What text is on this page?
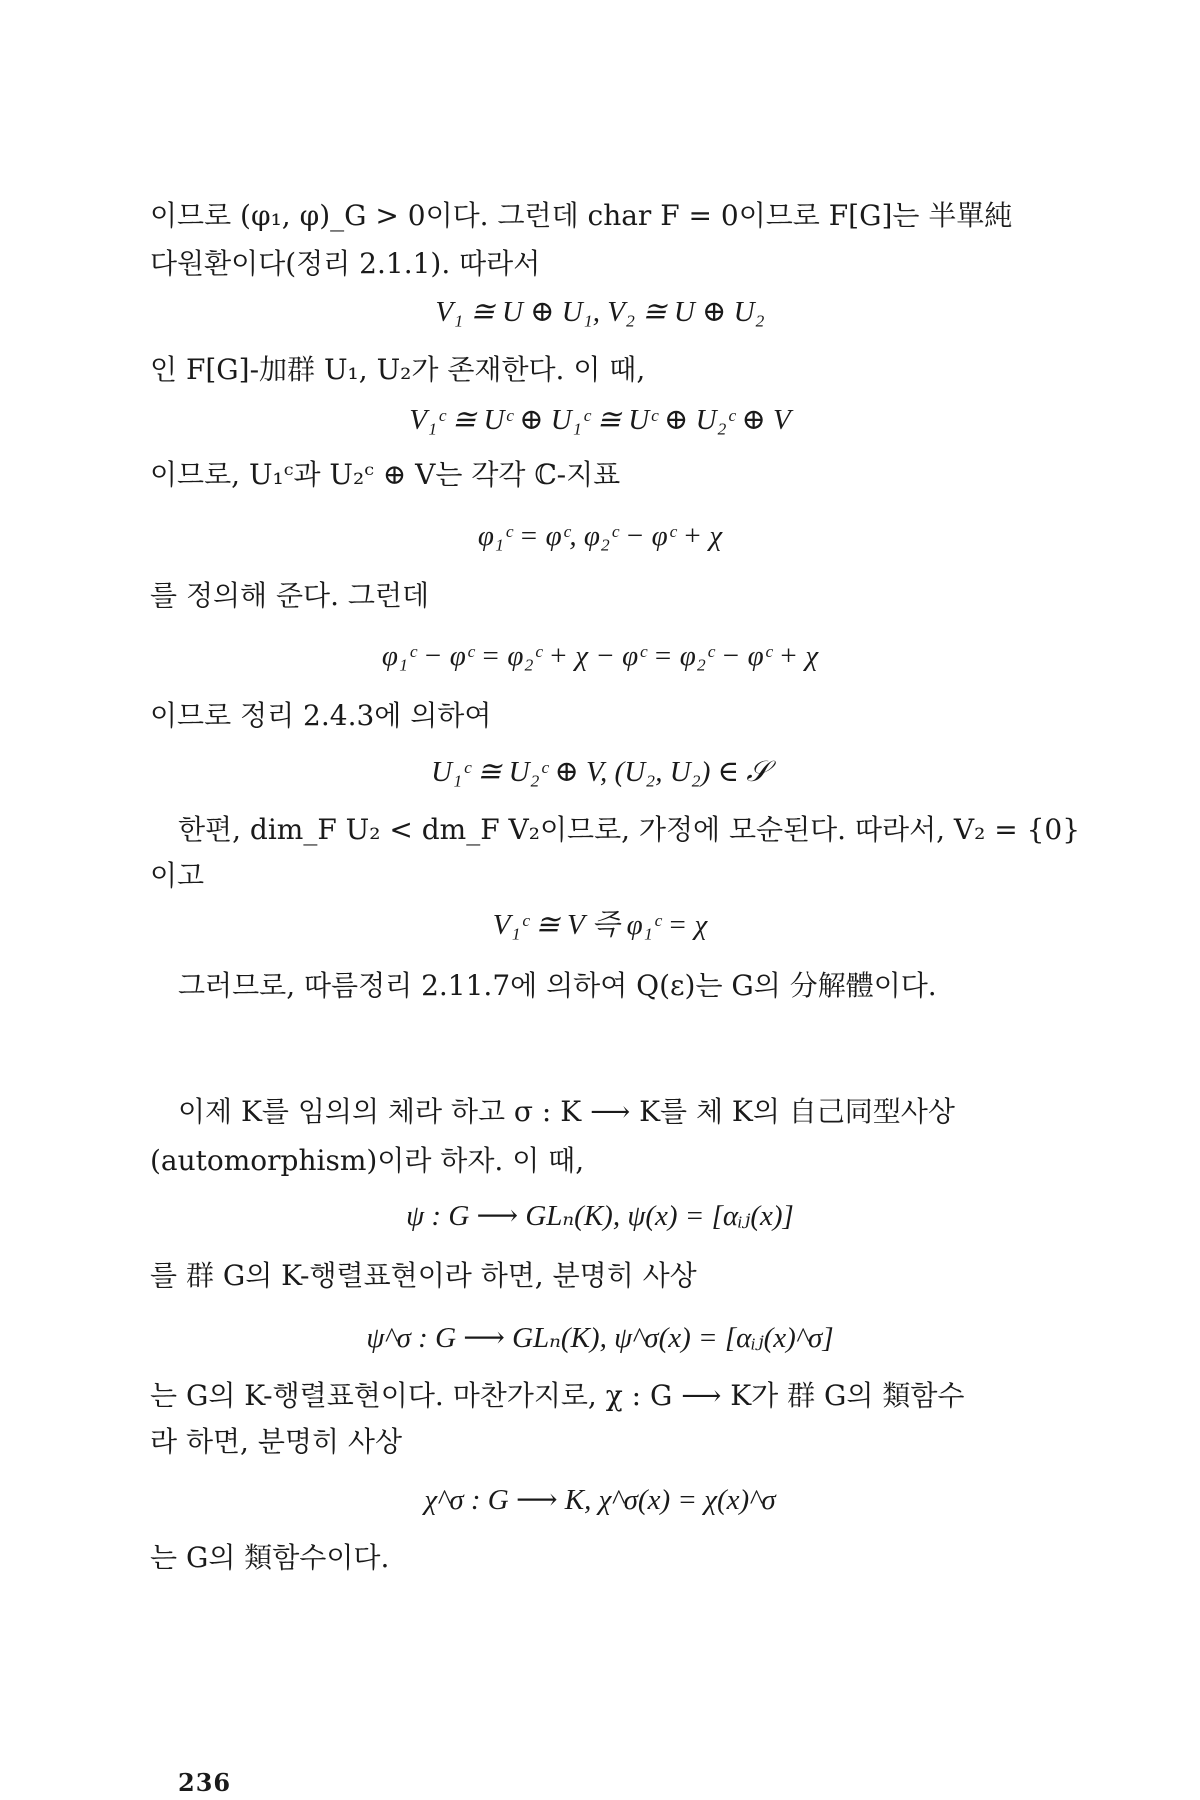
이므로 (φ₁, φ)_G > 0이다. 그런데 char F = 0이므로 F[G]는 半單純
다원환이다(정리 2.1.1). 따라서
V₁ ≅ U ⊕ U₁, V₂ ≅ U ⊕ U₂
인 F[G]-加群 U₁, U₂가 존재한다. 이 때,
V₁ᶜ ≅ Uᶜ ⊕ U₁ᶜ ≅ Uᶜ ⊕ U₂ᶜ ⊕ V
이므로, U₁ᶜ과 U₂ᶜ ⊕ V는 각각 ℂ-지표
φ₁ᶜ = φᶜ, φ₂ᶜ − φᶜ + χ
를 정의해 준다. 그런데
φ₁ᶜ − φᶜ = φ₂ᶜ + χ − φᶜ = φ₂ᶜ − φᶜ + χ
이므로 정리 2.4.3에 의하여
U₁ᶜ ≅ U₂ᶜ ⊕ V, (U₂, U₂) ∈ 𝒮
한편, dim_F U₂ < dm_F V₂이므로, 가정에 모순된다. 따라서, V₂ = {0}
이고
V₁ᶜ ≅ V 즉 φ₁ᶜ = χ
그러므로, 따름정리 2.11.7에 의하여 Q(ε)는 G의 分解體이다.
이제 K를 임의의 체라 하고 σ : K ⟶ K를 체 K의 自己同型사상
(automorphism)이라 하자. 이 때,
ψ : G ⟶ GLₙ(K), ψ(x) = [αᵢⱼ(x)]
를 群 G의 K-행렬표현이라 하면, 분명히 사상
ψ^σ : G ⟶ GLₙ(K), ψ^σ(x) = [αᵢⱼ(x)^σ]
는 G의 K-행렬표현이다. 마찬가지로, χ : G ⟶ K가 群 G의 類함수
라 하면, 분명히 사상
χ^σ : G ⟶ K, χ^σ(x) = χ(x)^σ
는 G의 類함수이다.
236
